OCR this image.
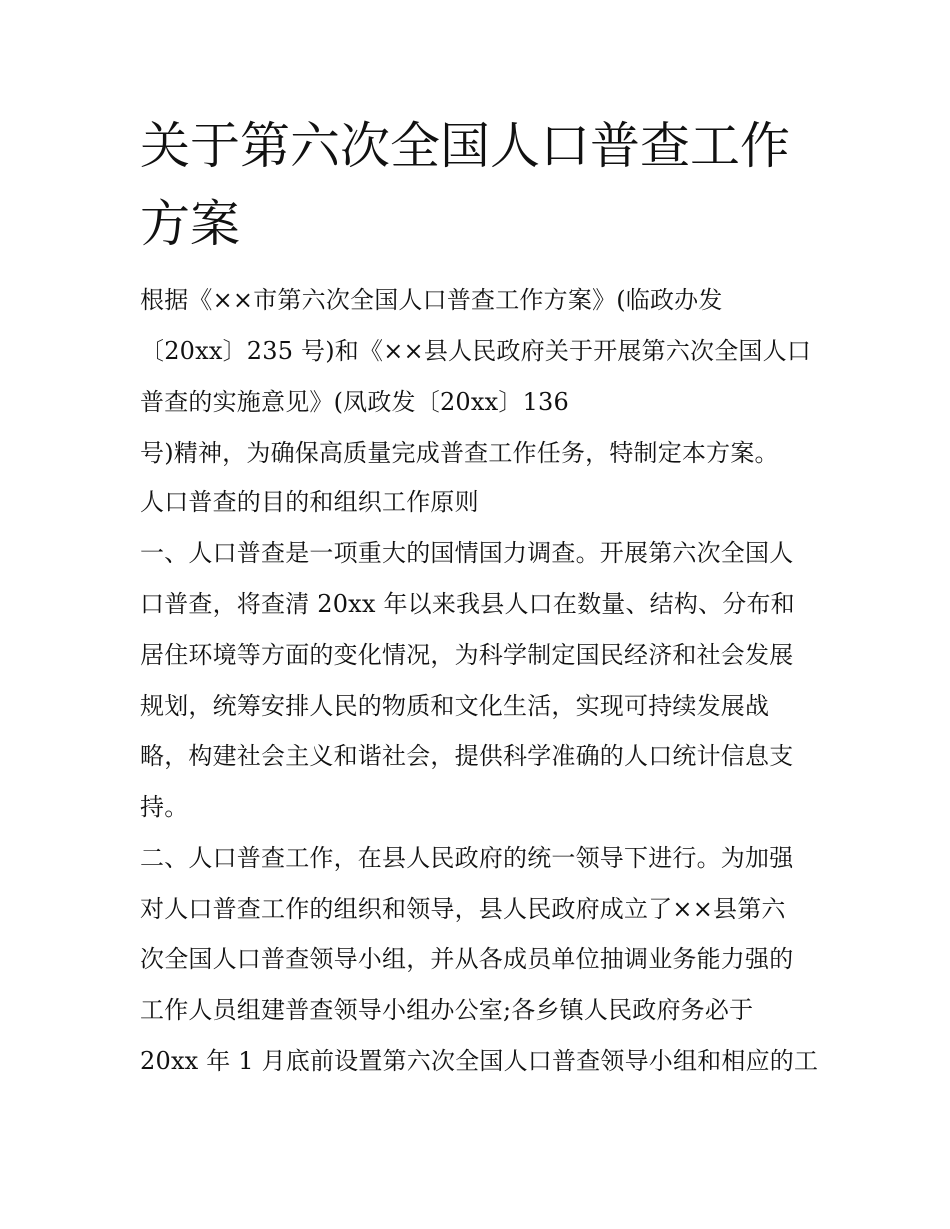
关于第六次全国人口普查工作
方案

根据《××市第六次全国人口普查工作方案》(临政办发

〔20xx〕235 号)和《××县人民政府关于开展第六次全国人口

普查的实施意见》(凤政发〔20xx〕136

号)精神，为确保高质量完成普查工作任务，特制定本方案。

人口普查的目的和组织工作原则

一、人口普查是一项重大的国情国力调查。开展第六次全国人

口普查，将查清 20xx 年以来我县人口在数量、结构、分布和

居住环境等方面的变化情况，为科学制定国民经济和社会发展

规划，统筹安排人民的物质和文化生活，实现可持续发展战

略，构建社会主义和谐社会，提供科学准确的人口统计信息支

持。

二、人口普查工作，在县人民政府的统一领导下进行。为加强

对人口普查工作的组织和领导，县人民政府成立了××县第六

次全国人口普查领导小组，并从各成员单位抽调业务能力强的

工作人员组建普查领导小组办公室;各乡镇人民政府务必于

20xx 年 1 月底前设置第六次全国人口普查领导小组和相应的工
